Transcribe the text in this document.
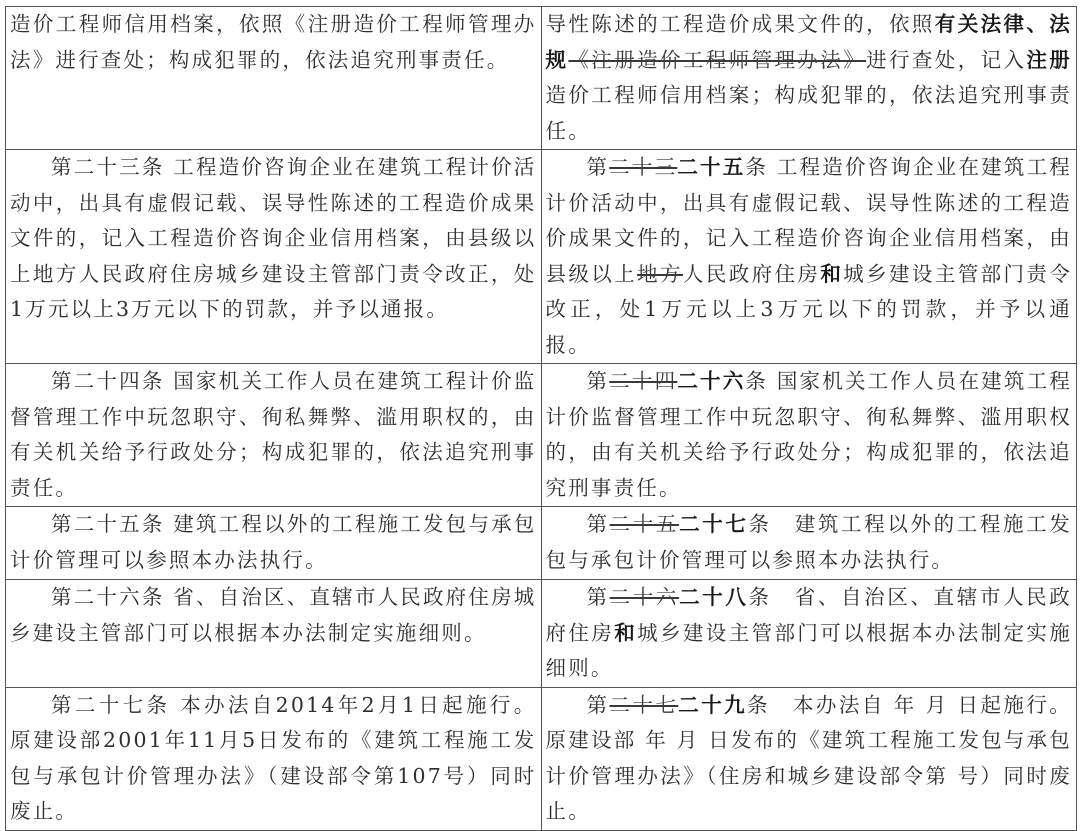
造价工程师信用档案，依照《注册造价工程师管理办法》进行查处；构成犯罪的，依法追究刑事责任。	导性陈述的工程造价成果文件的，依照有关法律、法规《注册造价工程师管理办法》进行查处，记入注册造价工程师信用档案；构成犯罪的，依法追究刑事责任。

第二十三条 工程造价咨询企业在建筑工程计价活动中，出具有虚假记载、误导性陈述的工程造价成果文件的，记入工程造价咨询企业信用档案，由县级以上地方人民政府住房城乡建设主管部门责令改正，处1万元以上3万元以下的罚款，并予以通报。	第二十三二十五条 工程造价咨询企业在建筑工程计价活动中，出具有虚假记载、误导性陈述的工程造价成果文件的，记入工程造价咨询企业信用档案，由县级以上地方人民政府住房和城乡建设主管部门责令改正，处1万元以上3万元以下的罚款，并予以通报。

第二十四条 国家机关工作人员在建筑工程计价监督管理工作中玩忽职守、徇私舞弊、滥用职权的，由有关机关给予行政处分；构成犯罪的，依法追究刑事责任。	第二十四二十六条 国家机关工作人员在建筑工程计价监督管理工作中玩忽职守、徇私舞弊、滥用职权的，由有关机关给予行政处分；构成犯罪的，依法追究刑事责任。

第二十五条 建筑工程以外的工程施工发包与承包计价管理可以参照本办法执行。	第二十五二十七条　建筑工程以外的工程施工发包与承包计价管理可以参照本办法执行。

第二十六条 省、自治区、直辖市人民政府住房城乡建设主管部门可以根据本办法制定实施细则。	第二十六二十八条　省、自治区、直辖市人民政府住房和城乡建设主管部门可以根据本办法制定实施细则。

第二十七条 本办法自2014年2月1日起施行。原建设部2001年11月5日发布的《建筑工程施工发包与承包计价管理办法》（建设部令第107号）同时废止。	第二十七二十九条　本办法自 年 月 日起施行。原建设部 年 月 日发布的《建筑工程施工发包与承包计价管理办法》（住房和城乡建设部令第 号）同时废止。
